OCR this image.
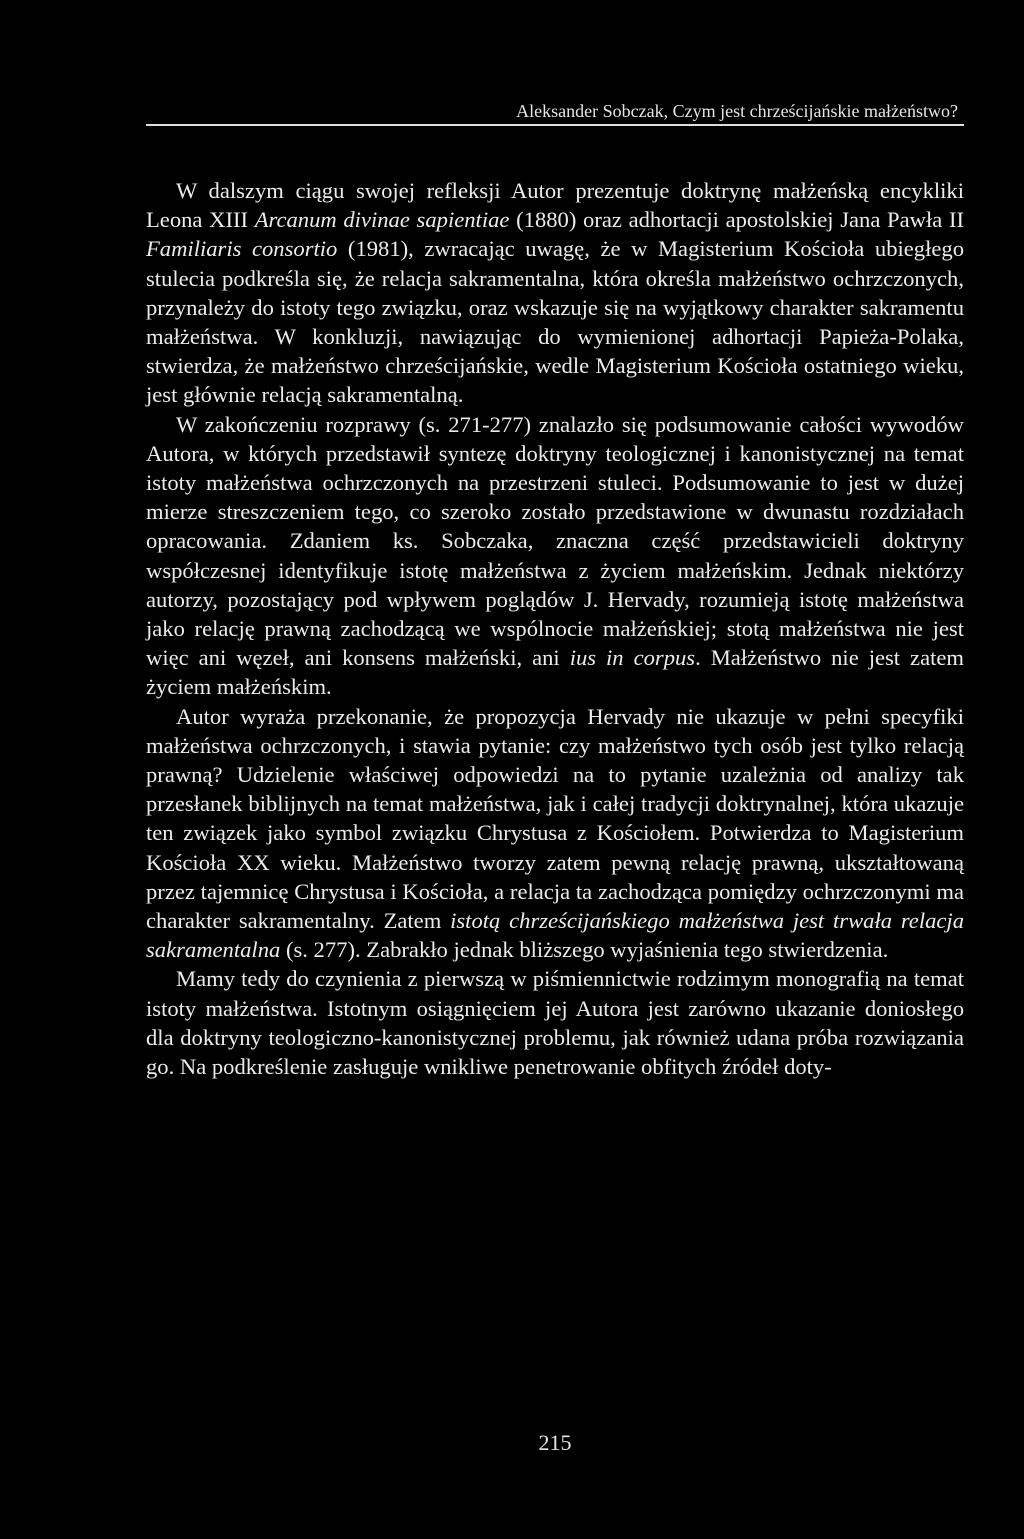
Aleksander Sobczak, Czym jest chrześcijańskie małżeństwo?

W dalszym ciągu swojej refleksji Autor prezentuje doktrynę małżeńską encykliki Leona XIII Arcanum divinae sapientiae (1880) oraz adhortacji apostolskiej Jana Pawła II Familiaris consortio (1981), zwracając uwagę, że w Magisterium Kościoła ubiegłego stulecia podkreśla się, że relacja sakramentalna, która określa małżeństwo ochrzczonych, przynależy do istoty tego związku, oraz wskazuje się na wyjątkowy charakter sakramentu małżeństwa. W konkluzji, nawiązując do wymienionej adhortacji Papieża-Polaka, stwierdza, że małżeństwo chrześcijańskie, wedle Magisterium Kościoła ostatniego wieku, jest głównie relacją sakramentalną.

W zakończeniu rozprawy (s. 271-277) znalazło się podsumowanie całości wywodów Autora, w których przedstawił syntezę doktryny teologicznej i kanonistycznej na temat istoty małżeństwa ochrzczonych na przestrzeni stuleci. Podsumowanie to jest w dużej mierze streszczeniem tego, co szeroko zostało przedstawione w dwunastu rozdziałach opracowania. Zdaniem ks. Sobczaka, znaczna część przedstawicieli doktryny współczesnej identyfikuje istotę małżeństwa z życiem małżeńskim. Jednak niektórzy autorzy, pozostający pod wpływem poglądów J. Hervady, rozumieją istotę małżeństwa jako relację prawną zachodzącą we wspólnocie małżeńskiej; stotą małżeństwa nie jest więc ani węzeł, ani konsens małżeński, ani ius in corpus. Małżeństwo nie jest zatem życiem małżeńskim.

Autor wyraża przekonanie, że propozycja Hervady nie ukazuje w pełni specyfiki małżeństwa ochrzczonych, i stawia pytanie: czy małżeństwo tych osób jest tylko relacją prawną? Udzielenie właściwej odpowiedzi na to pytanie uzależnia od analizy tak przesłanek biblijnych na temat małżeństwa, jak i całej tradycji doktrynalnej, która ukazuje ten związek jako symbol związku Chrystusa z Kościołem. Potwierdza to Magisterium Kościoła XX wieku. Małżeństwo tworzy zatem pewną relację prawną, ukształtowaną przez tajemnicę Chrystusa i Kościoła, a relacja ta zachodząca pomiędzy ochrzczonymi ma charakter sakramentalny. Zatem istotą chrześcijańskiego małżeństwa jest trwała relacja sakramentalna (s. 277). Zabrakło jednak bliższego wyjaśnienia tego stwierdzenia.

Mamy tedy do czynienia z pierwszą w piśmiennictwie rodzimym monografią na temat istoty małżeństwa. Istotnym osiągnięciem jej Autora jest zarówno ukazanie doniosłego dla doktryny teologiczno-kanonistycznej problemu, jak również udana próba rozwiązania go. Na podkreślenie zasługuje wnikliwe penetrowanie obfitych źródeł doty-

215
